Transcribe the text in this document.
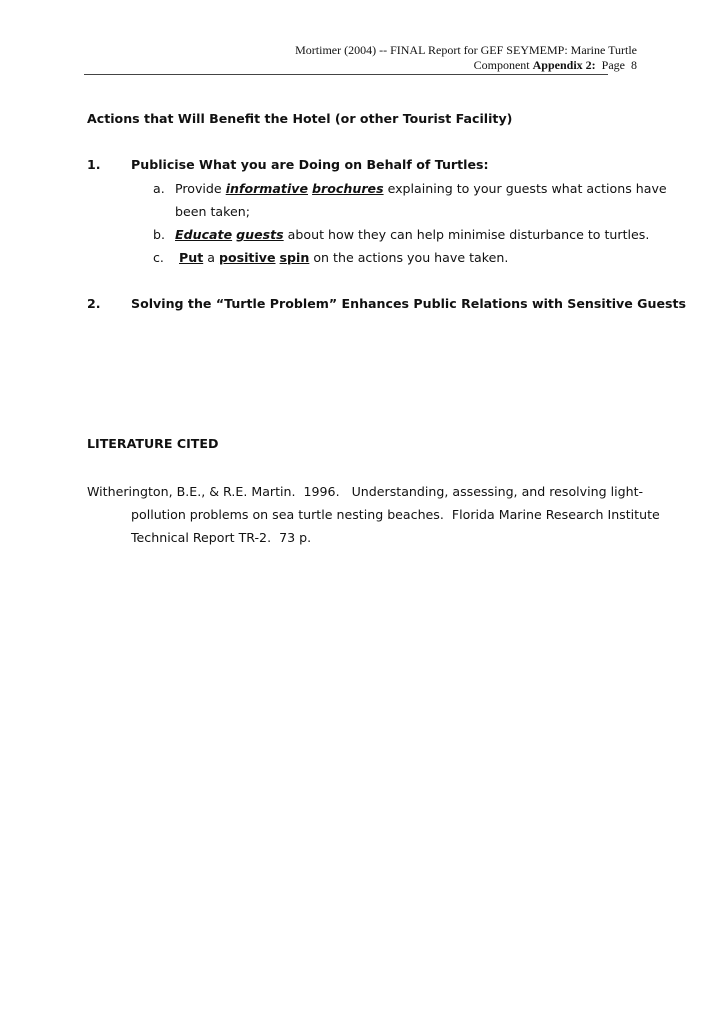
Mortimer (2004) -- FINAL Report for GEF SEYMEMP: Marine Turtle
Component Appendix 2:  Page  8
Actions that Will Benefit the Hotel (or other Tourist Facility)
1. Publicise What you are Doing on Behalf of Turtles:
a. Provide informative brochures explaining to your guests what actions have
been taken;
b. Educate guests about how they can help minimise disturbance to turtles.
c. Put a positive spin on the actions you have taken.
2. Solving the “Turtle Problem” Enhances Public Relations with Sensitive Guests
LITERATURE CITED
Witherington, B.E., & R.E. Martin.  1996.   Understanding, assessing, and resolving light-
pollution problems on sea turtle nesting beaches.  Florida Marine Research Institute
Technical Report TR-2.  73 p.
